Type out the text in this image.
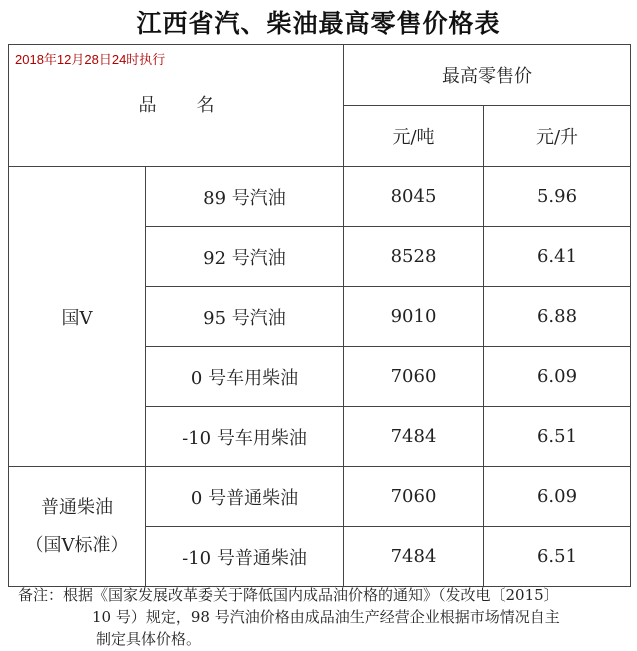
江西省汽、柴油最高零售价格表
2018年12月28日24时执行
品名		最高零售价	
		元/吨	元/升
国Ⅴ	89 号汽油	8045	5.96
	92 号汽油	8528	6.41
	95 号汽油	9010	6.88
	0 号车用柴油	7060	6.09
	-10 号车用柴油	7484	6.51

普通柴油
（国Ⅴ标准）	0 号普通柴油	7060	6.09
	-10 号普通柴油	7484	6.51
备注：根据《国家发展改革委关于降低国内成品油价格的通知》（发改电〔2015〕
10 号）规定，98 号汽油价格由成品油生产经营企业根据市场情况自主
制定具体价格。
